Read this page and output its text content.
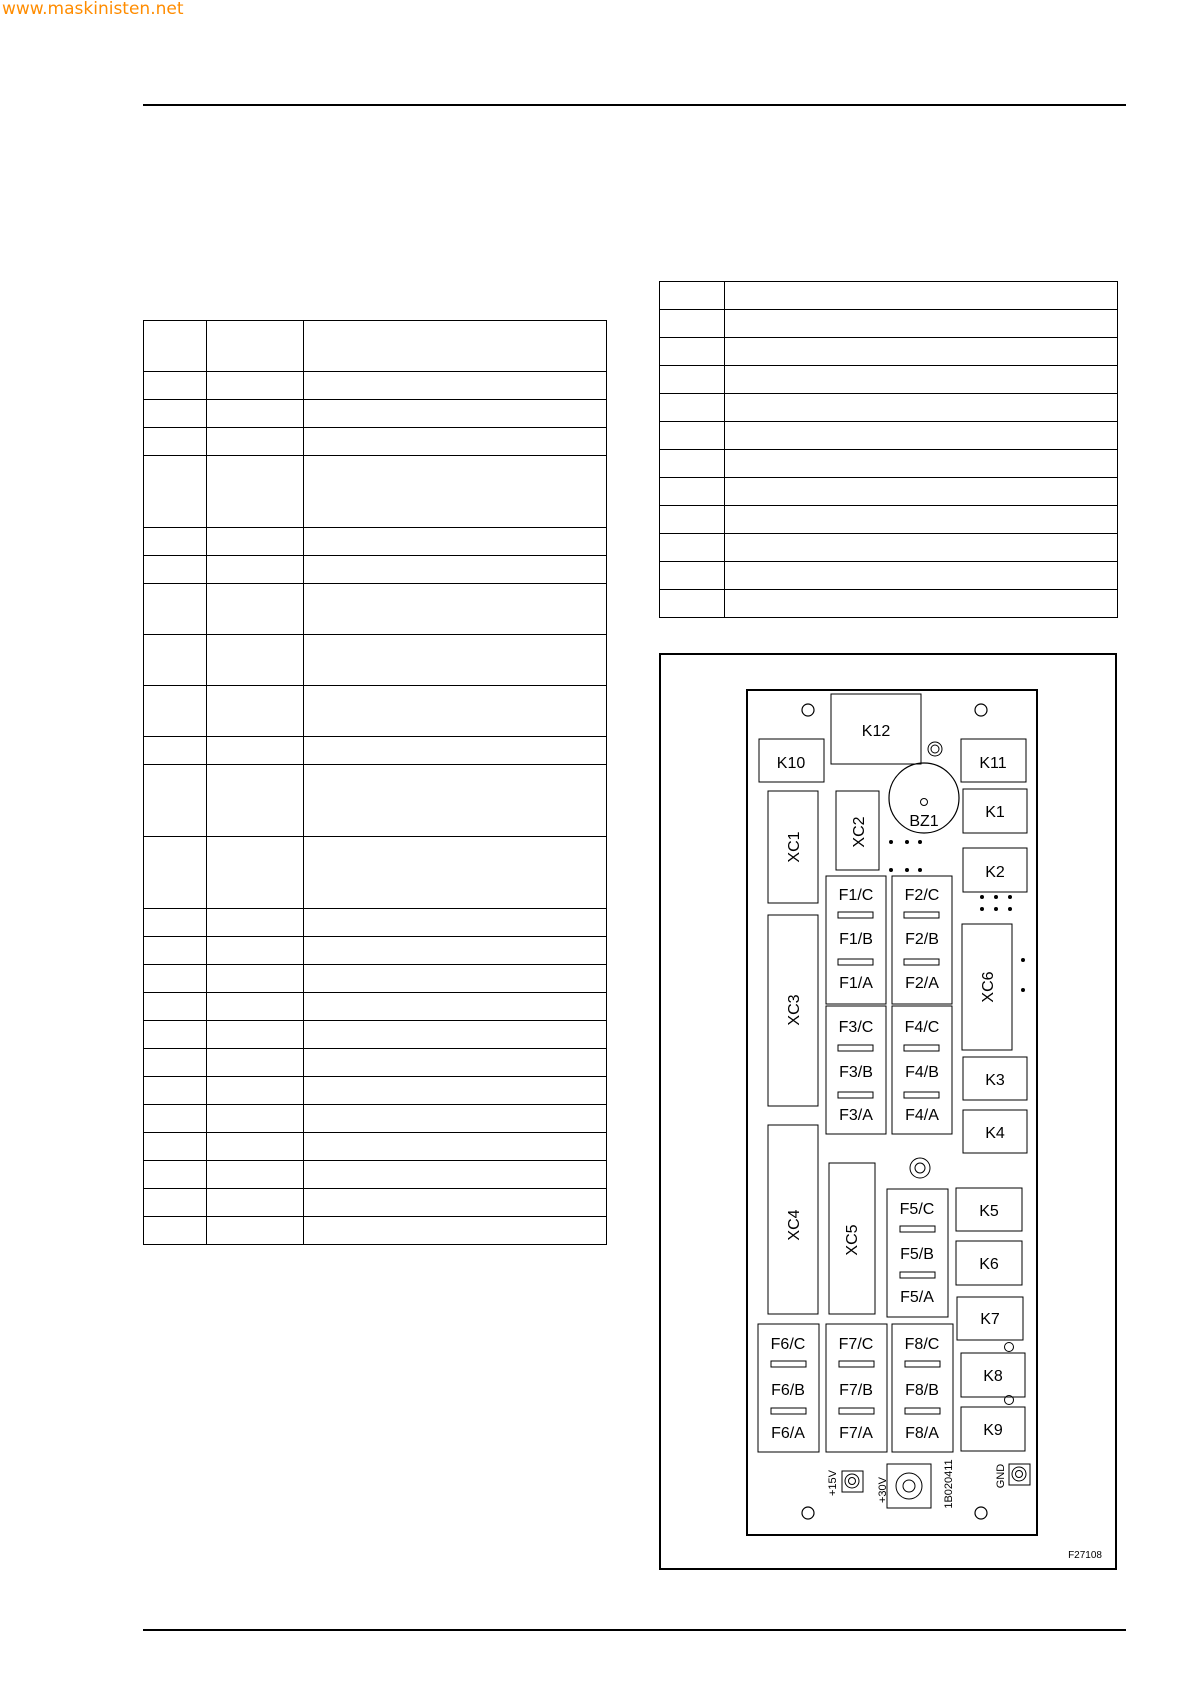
www.maskinisten.net

K12
K10	K11
K1
K2
BZ1
XC1	XC2
F1/C
F1/B
F1/A
F2/C
F2/B
F2/A	XC6
XC3
F3/C
F3/B
F3/A
F4/C
F4/B
F4/A
K3
K4
XC4	XC5
F5/C
F5/B
F5/A
K5
K6
K7
K8
K9
F6/C
F6/B
F6/A
F7/C
F7/B
F7/A
F8/C
F8/B
F8/A
+15V	+30V	1B020411	GND
F27108
